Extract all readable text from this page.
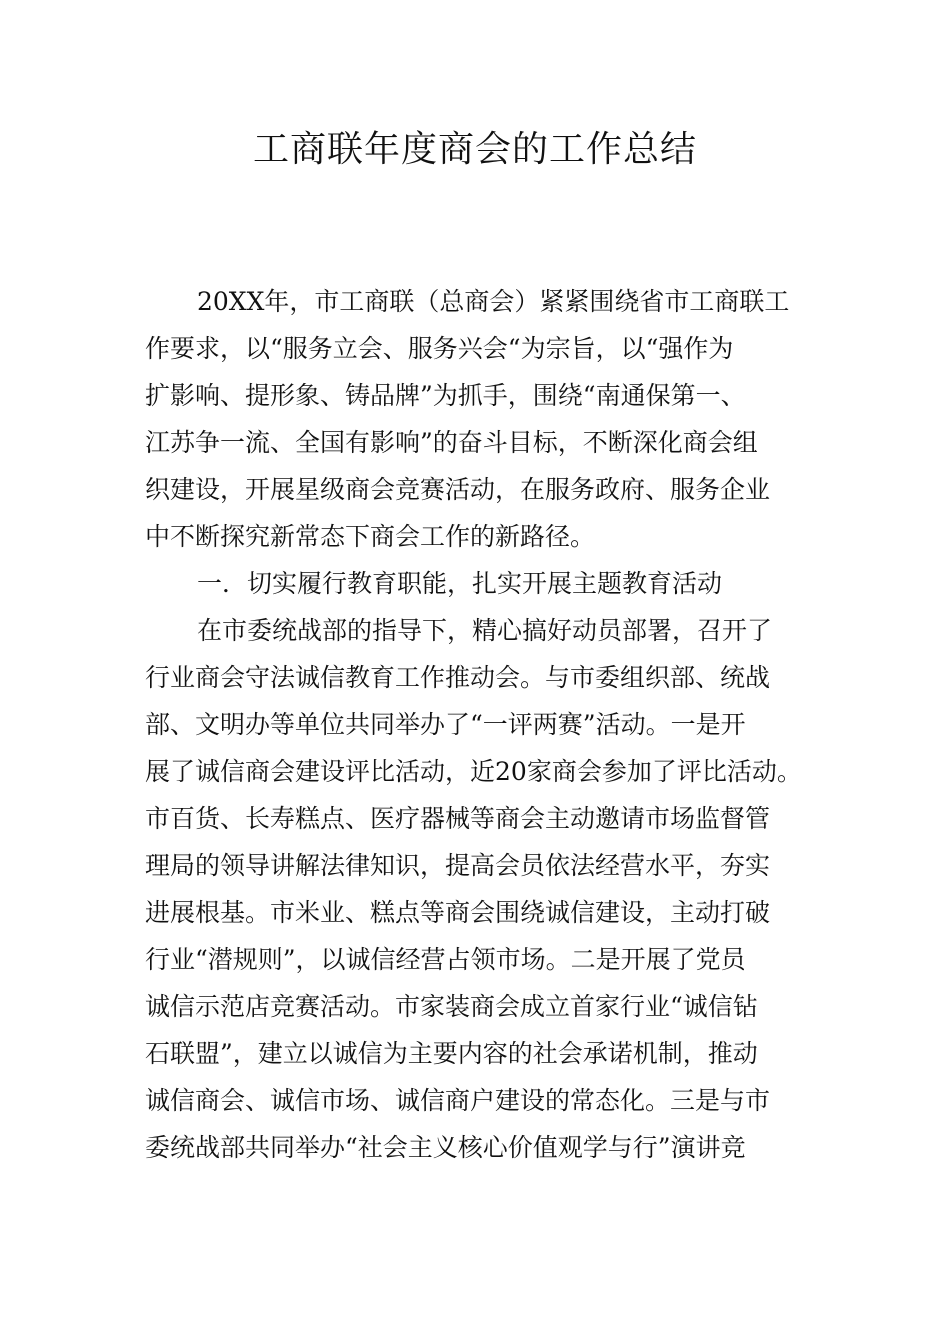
工商联年度商会的工作总结
20XX年，市工商联（总商会）紧紧围绕省市工商联工
作要求，以“服务立会、服务兴会“为宗旨，以“强作为
扩影响、提形象、铸品牌”为抓手，围绕“南通保第一、
江苏争一流、全国有影响”的奋斗目标，不断深化商会组
织建设，开展星级商会竞赛活动，在服务政府、服务企业
中不断探究新常态下商会工作的新路径。
一．切实履行教育职能，扎实开展主题教育活动
在市委统战部的指导下，精心搞好动员部署，召开了
行业商会守法诚信教育工作推动会。与市委组织部、统战
部、文明办等单位共同举办了“一评两赛”活动。一是开
展了诚信商会建设评比活动，近20家商会参加了评比活动。
市百货、长寿糕点、医疗器械等商会主动邀请市场监督管
理局的领导讲解法律知识，提高会员依法经营水平，夯实
进展根基。市米业、糕点等商会围绕诚信建设，主动打破
行业“潜规则”，以诚信经营占领市场。二是开展了党员
诚信示范店竞赛活动。市家装商会成立首家行业“诚信钻
石联盟”，建立以诚信为主要内容的社会承诺机制，推动
诚信商会、诚信市场、诚信商户建设的常态化。三是与市
委统战部共同举办“社会主义核心价值观学与行”演讲竞
